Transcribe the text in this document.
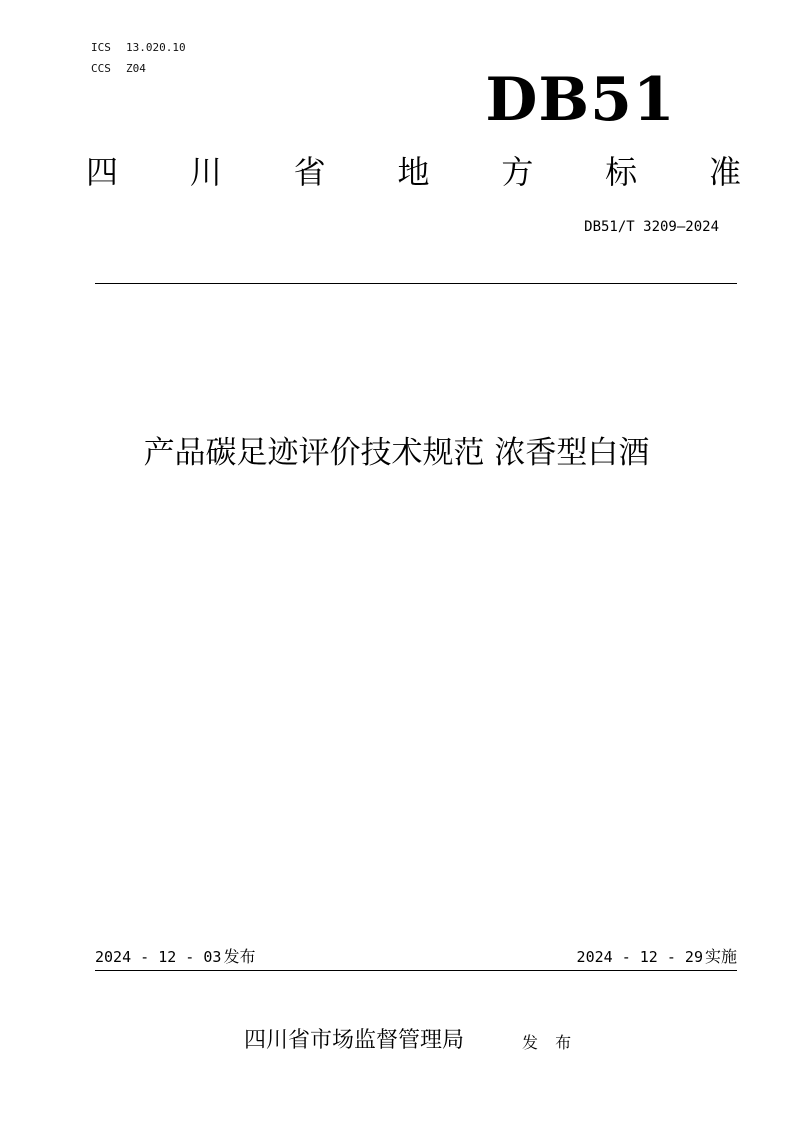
ICS 13.020.10
CCS Z04	DB51
四 川 省 地 方 标 准
DB51/T 3209—2024
产品碳足迹评价技术规范 浓香型白酒
2024 - 12 - 03 发布	2024 - 12 - 29 实施
四川省市场监督管理局	发 布
